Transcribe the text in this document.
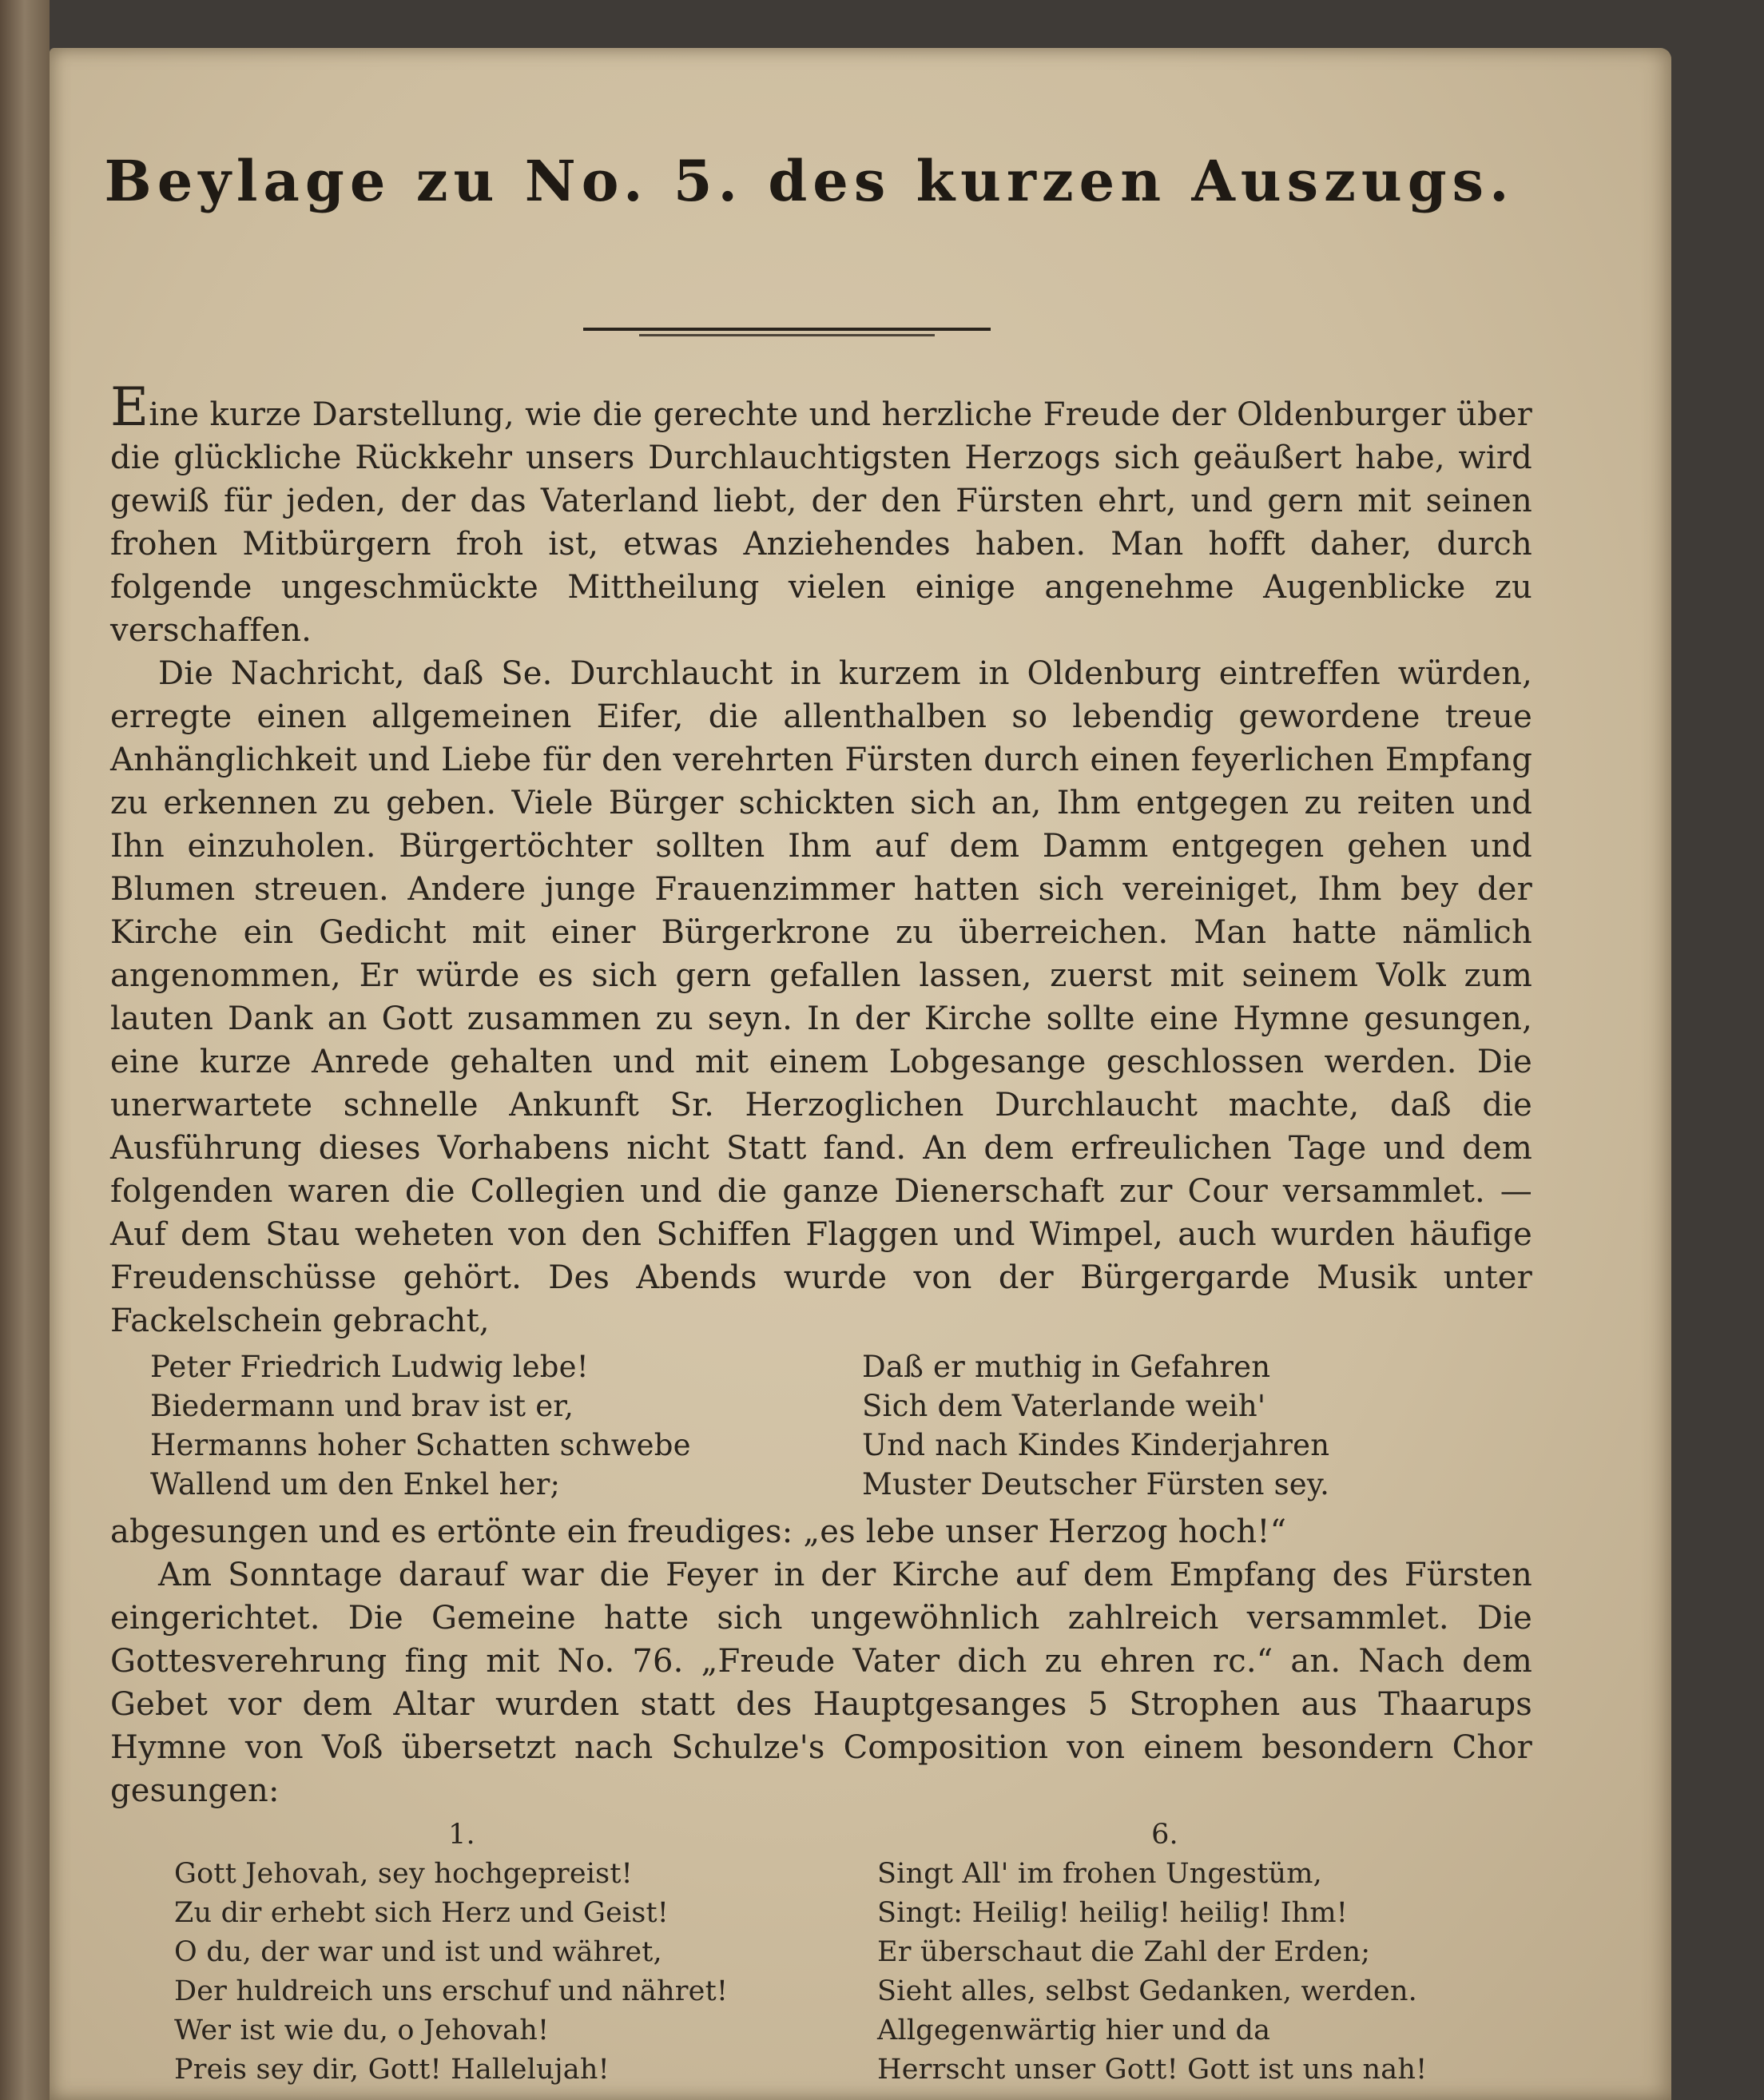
Beylage zu No. 5. des kurzen Auszugs.

Eine kurze Darstellung, wie die gerechte und herzliche Freude der Oldenburger über die glückliche Rückkehr unsers Durchlauchtigsten Herzogs sich geäußert habe, wird gewiß für jeden, der das Vaterland liebt, der den Fürsten ehrt, und gern mit seinen frohen Mitbürgern froh ist, etwas Anziehendes haben. Man hofft daher, durch folgende ungeschmückte Mittheilung vielen einige angenehme Augenblicke zu verschaffen.

Die Nachricht, daß Se. Durchlaucht in kurzem in Oldenburg eintreffen würden, erregte einen allgemeinen Eifer, die allenthalben so lebendig gewordene treue Anhänglichkeit und Liebe für den verehrten Fürsten durch einen feyerlichen Empfang zu erkennen zu geben. Viele Bürger schickten sich an, Ihm entgegen zu reiten und Ihn einzuholen. Bürgertöchter sollten Ihm auf dem Damm entgegen gehen und Blumen streuen. Andere junge Frauenzimmer hatten sich vereiniget, Ihm bey der Kirche ein Gedicht mit einer Bürgerkrone zu überreichen. Man hatte nämlich angenommen, Er würde es sich gern gefallen lassen, zuerst mit seinem Volk zum lauten Dank an Gott zusammen zu seyn. In der Kirche sollte eine Hymne gesungen, eine kurze Anrede gehalten und mit einem Lobgesange geschlossen werden. Die unerwartete schnelle Ankunft Sr. Herzoglichen Durchlaucht machte, daß die Ausführung dieses Vorhabens nicht Statt fand. An dem erfreulichen Tage und dem folgenden waren die Collegien und die ganze Dienerschaft zur Cour versammlet. — Auf dem Stau weheten von den Schiffen Flaggen und Wimpel, auch wurden häufige Freudenschüsse gehört. Des Abends wurde von der Bürgergarde Musik unter Fackelschein gebracht,

Peter Friedrich Ludwig lebe!
Biedermann und brav ist er,
Hermanns hoher Schatten schwebe
Wallend um den Enkel her;
Daß er muthig in Gefahren
Sich dem Vaterlande weih'
Und nach Kindes Kinderjahren
Muster Deutscher Fürsten sey.

abgesungen und es ertönte ein freudiges: „es lebe unser Herzog hoch!“

Am Sonntage darauf war die Feyer in der Kirche auf dem Empfang des Fürsten eingerichtet. Die Gemeine hatte sich ungewöhnlich zahlreich versammlet. Die Gottesverehrung fing mit No. 76. „Freude Vater dich zu ehren rc.“ an. Nach dem Gebet vor dem Altar wurden statt des Hauptgesanges 5 Strophen aus Thaarups Hymne von Voß übersetzt nach Schulze's Composition von einem besondern Chor gesungen:

1.
Gott Jehovah, sey hochgepreist!
Zu dir erhebt sich Herz und Geist!
O du, der war und ist und währet,
Der huldreich uns erschuf und nähret!
Wer ist wie du, o Jehovah!
Preis sey dir, Gott! Hallelujah!
6.
Singt All' im frohen Ungestüm,
Singt: Heilig! heilig! heilig! Ihm!
Er überschaut die Zahl der Erden;
Sieht alles, selbst Gedanken, werden.
Allgegenwärtig hier und da
Herrscht unser Gott! Gott ist uns nah!
